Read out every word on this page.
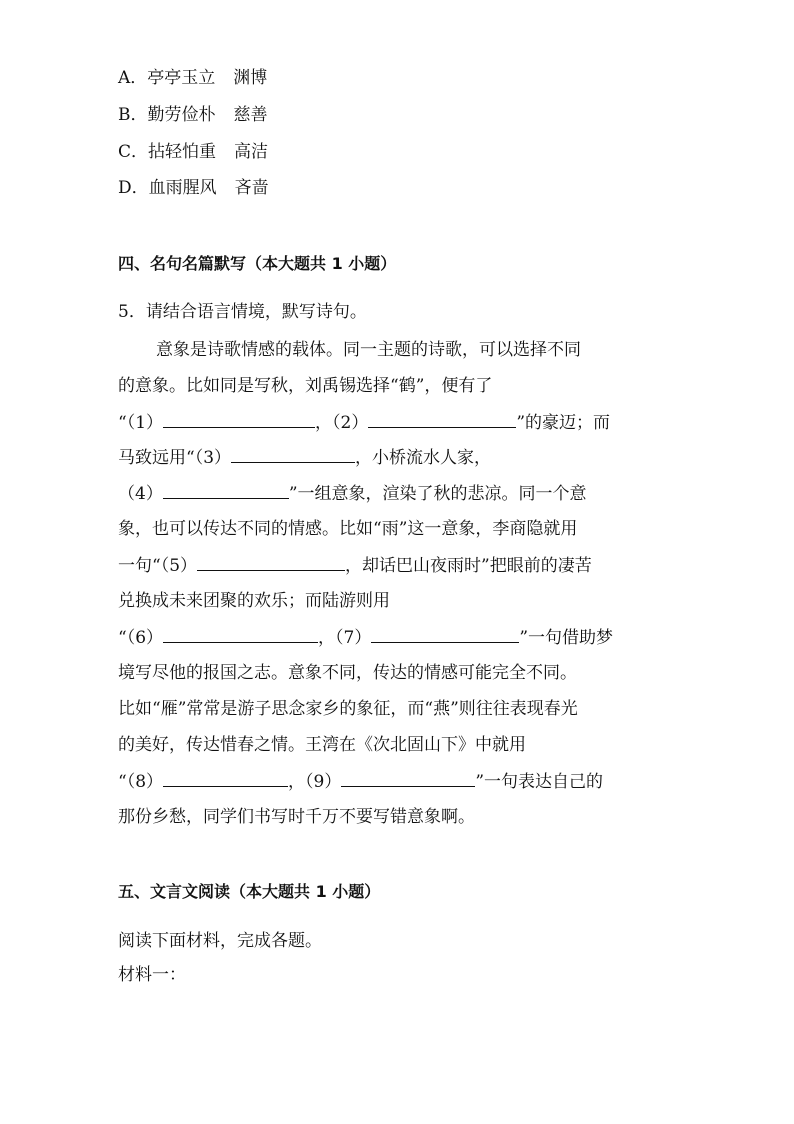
A．亭亭玉立 渊博
B．勤劳俭朴 慈善
C．拈轻怕重 高洁
D．血雨腥风 吝啬
四、名句名篇默写（本大题共 1 小题）
5．请结合语言情境，默写诗句。
意象是诗歌情感的载体。同一主题的诗歌，可以选择不同
的意象。比如同是写秋，刘禹锡选择“鹤”，便有了
“（1）	，（2）	”的豪迈；而
马致远用“（3）	，小桥流水人家，
（4）	”一组意象，渲染了秋的悲凉。同一个意
象，也可以传达不同的情感。比如“雨”这一意象，李商隐就用
一句“（5）	，却话巴山夜雨时”把眼前的凄苦
兑换成未来团聚的欢乐；而陆游则用
“（6）	，（7）	”一句借助梦
境写尽他的报国之志。意象不同，传达的情感可能完全不同。
比如“雁”常常是游子思念家乡的象征，而“燕”则往往表现春光
的美好，传达惜春之情。王湾在《次北固山下》中就用
“（8）	，（9）	”一句表达自己的
那份乡愁，同学们书写时千万不要写错意象啊。
五、文言文阅读（本大题共 1 小题）
阅读下面材料，完成各题。
材料一：
